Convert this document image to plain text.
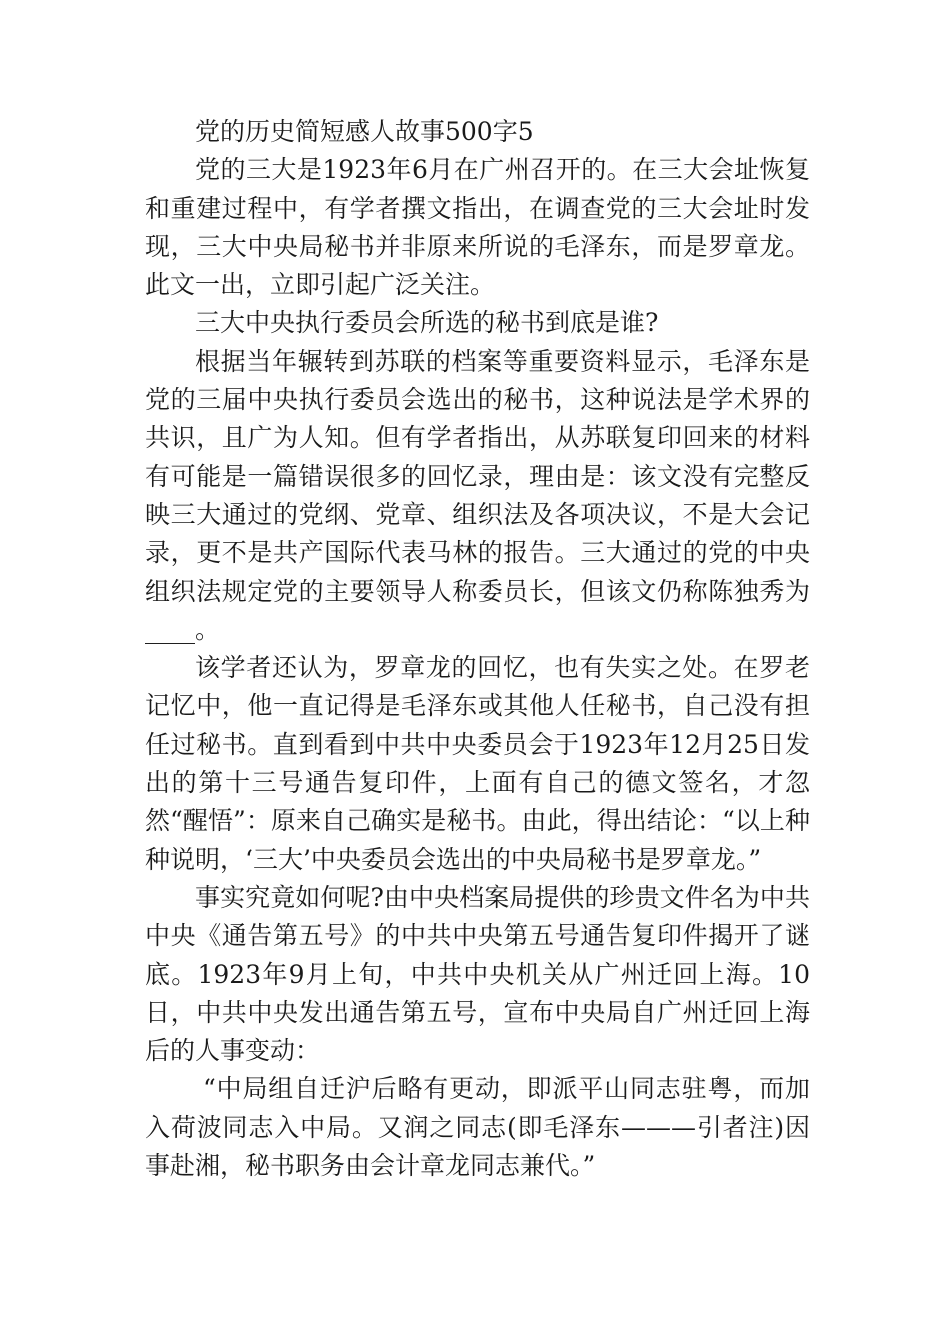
党的历史简短感人故事500字5

党的三大是1923年6月在广州召开的。在三大会址恢复和重建过程中，有学者撰文指出，在调查党的三大会址时发现，三大中央局秘书并非原来所说的毛泽东，而是罗章龙。此文一出，立即引起广泛关注。

三大中央执行委员会所选的秘书到底是谁?

根据当年辗转到苏联的档案等重要资料显示，毛泽东是党的三届中央执行委员会选出的秘书，这种说法是学术界的共识，且广为人知。但有学者指出，从苏联复印回来的材料有可能是一篇错误很多的回忆录，理由是：该文没有完整反映三大通过的党纲、党章、组织法及各项决议，不是大会记录，更不是共产国际代表马林的报告。三大通过的党的中央组织法规定党的主要领导人称委员长，但该文仍称陈独秀为____。

该学者还认为，罗章龙的回忆，也有失实之处。在罗老记忆中，他一直记得是毛泽东或其他人任秘书，自己没有担任过秘书。直到看到中共中央委员会于1923年12月25日发出的第十三号通告复印件，上面有自己的德文签名，才忽然“醒悟”：原来自己确实是秘书。由此，得出结论：“以上种种说明，‘三大’中央委员会选出的中央局秘书是罗章龙。”

事实究竟如何呢?由中央档案局提供的珍贵文件名为中共中央《通告第五号》的中共中央第五号通告复印件揭开了谜底。1923年9月上旬，中共中央机关从广州迁回上海。10日，中共中央发出通告第五号，宣布中央局自广州迁回上海后的人事变动：

“中局组自迁沪后略有更动，即派平山同志驻粤，而加入荷波同志入中局。又润之同志(即毛泽东———引者注)因事赴湘，秘书职务由会计章龙同志兼代。”
